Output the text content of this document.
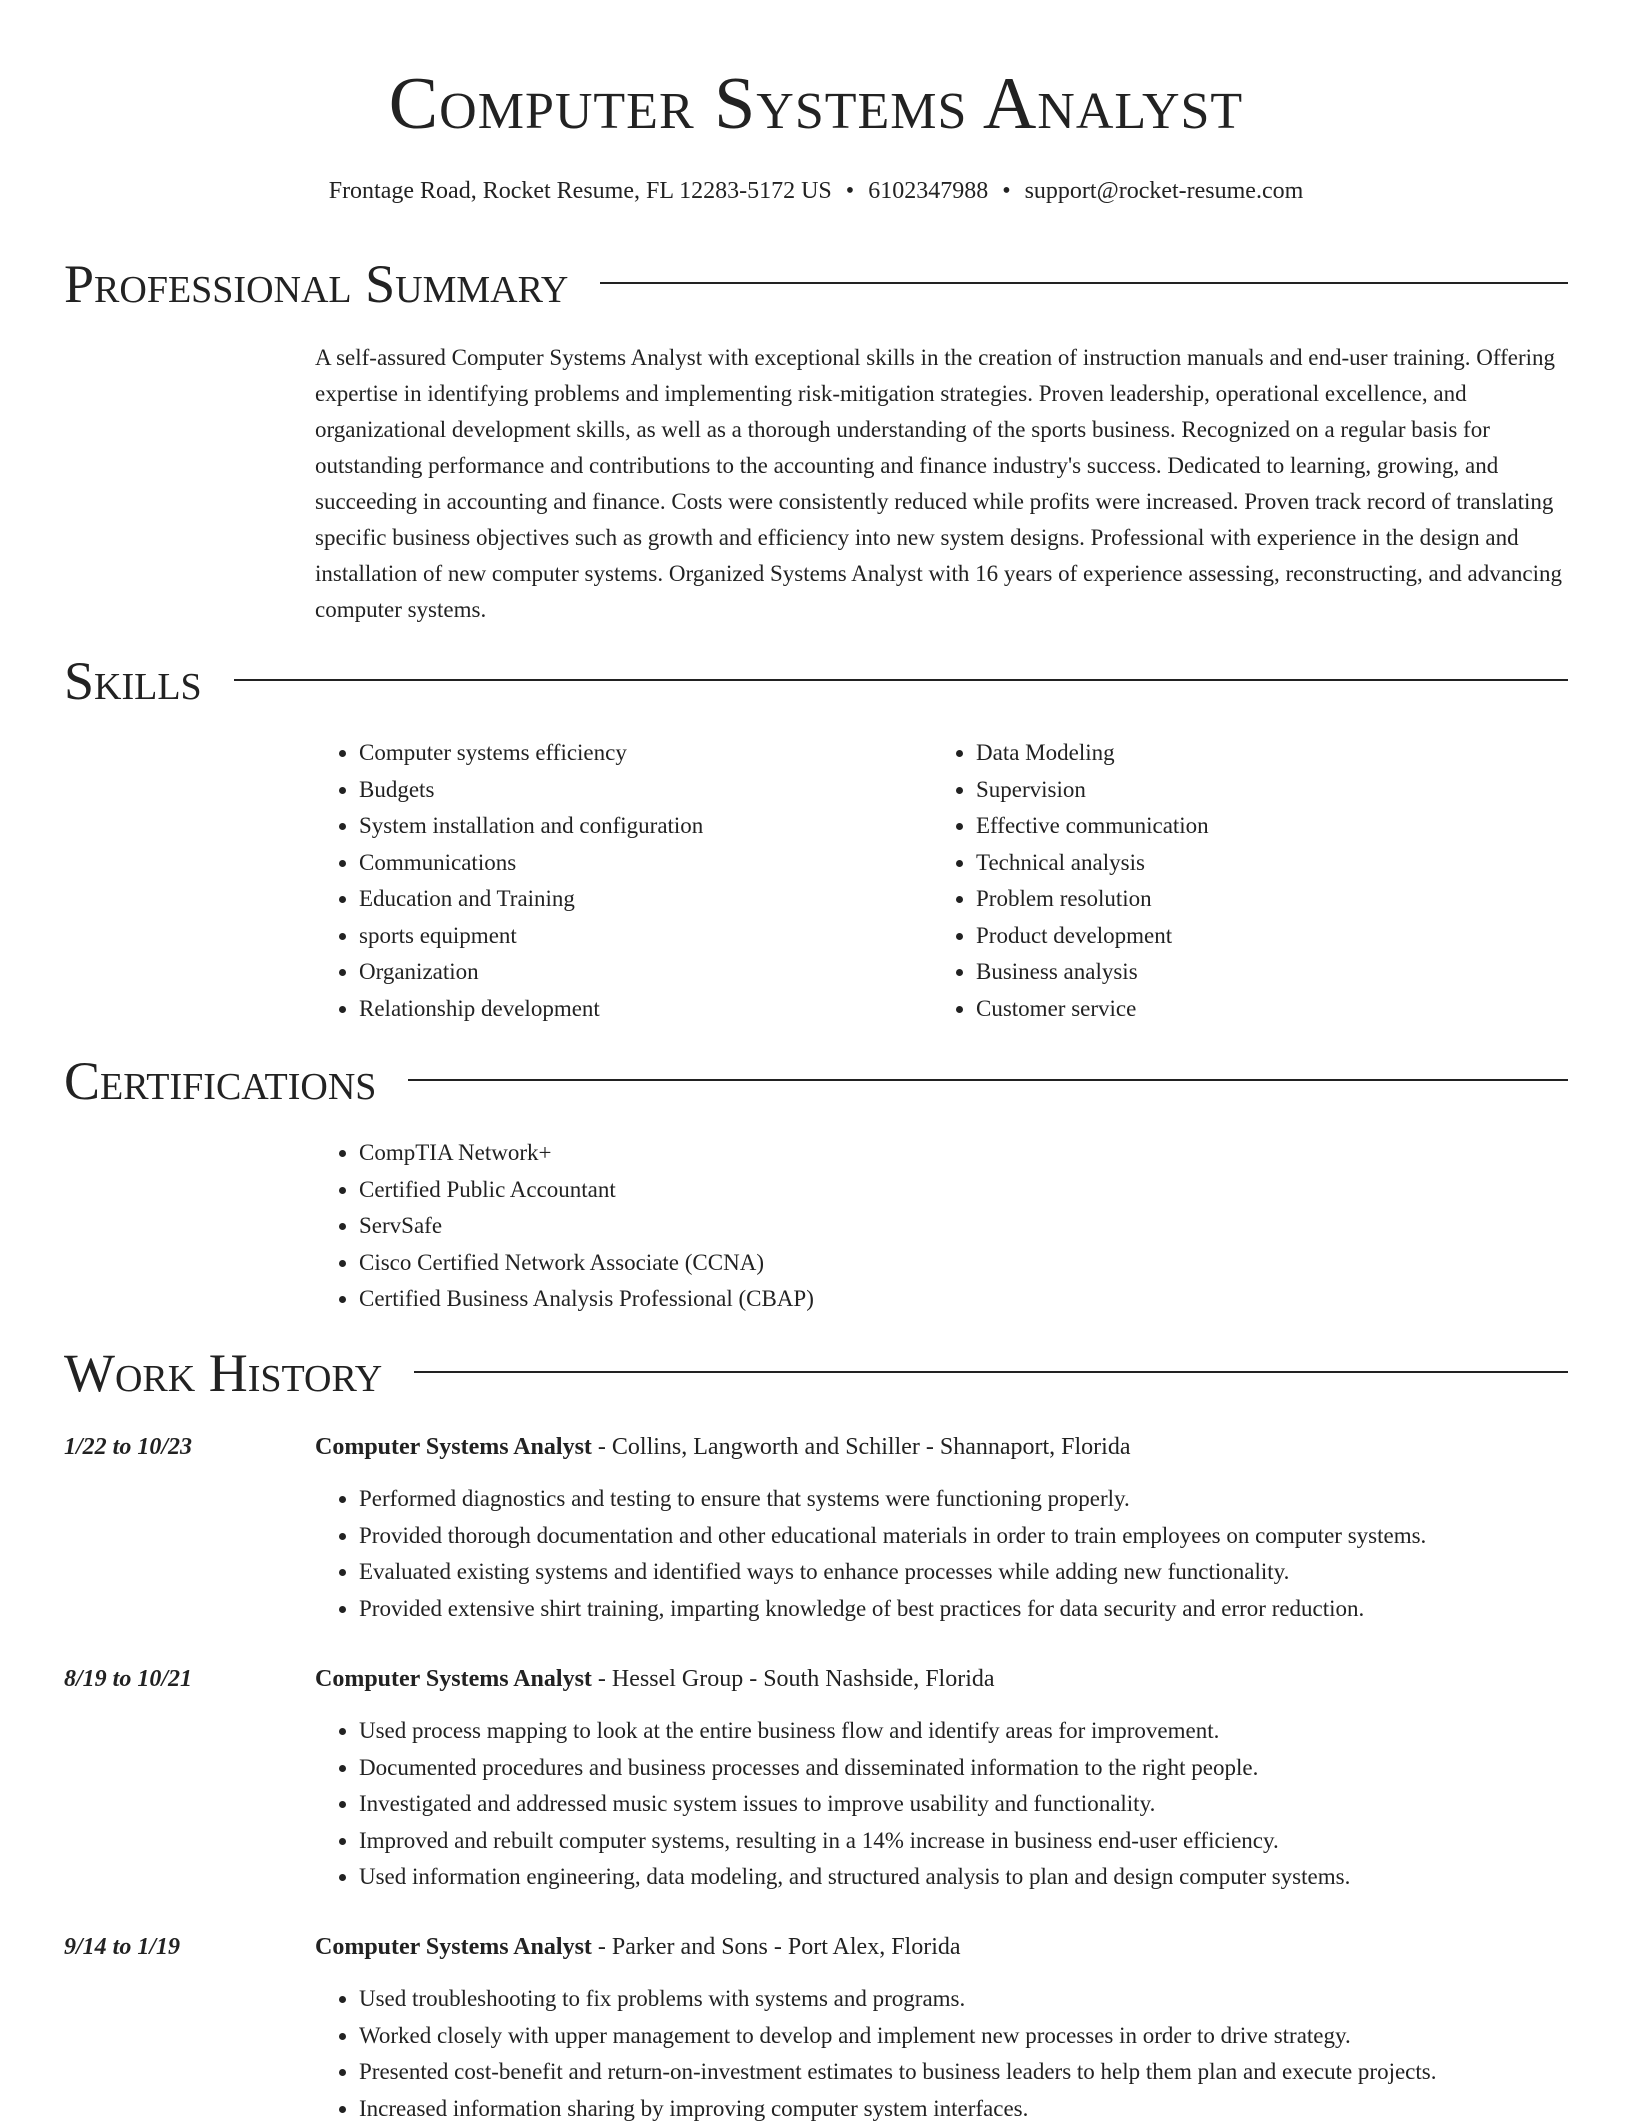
Computer Systems Analyst
Frontage Road, Rocket Resume, FL 12283-5172 US • 6102347988 • support@rocket-resume.com
Professional Summary

A self-assured Computer Systems Analyst with exceptional skills in the creation of instruction manuals and end-user training. Offering expertise in identifying problems and implementing risk-mitigation strategies. Proven leadership, operational excellence, and organizational development skills, as well as a thorough understanding of the sports business. Recognized on a regular basis for outstanding performance and contributions to the accounting and finance industry's success. Dedicated to learning, growing, and succeeding in accounting and finance. Costs were consistently reduced while profits were increased. Proven track record of translating specific business objectives such as growth and efficiency into new system designs. Professional with experience in the design and installation of new computer systems. Organized Systems Analyst with 16 years of experience assessing, reconstructing, and advancing computer systems.

Skills
• Computer systems efficiency
• Budgets
• System installation and configuration
• Communications
• Education and Training
• sports equipment
• Organization
• Relationship development
• Data Modeling
• Supervision
• Effective communication
• Technical analysis
• Problem resolution
• Product development
• Business analysis
• Customer service
Certifications
• CompTIA Network+
• Certified Public Accountant
• ServSafe
• Cisco Certified Network Associate (CCNA)
• Certified Business Analysis Professional (CBAP)
Work History
1/22 to 10/23	Computer Systems Analyst - Collins, Langworth and Schiller - Shannaport, Florida
• Performed diagnostics and testing to ensure that systems were functioning properly.
• Provided thorough documentation and other educational materials in order to train employees on computer systems.
• Evaluated existing systems and identified ways to enhance processes while adding new functionality.
• Provided extensive shirt training, imparting knowledge of best practices for data security and error reduction.
8/19 to 10/21	Computer Systems Analyst - Hessel Group - South Nashside, Florida
• Used process mapping to look at the entire business flow and identify areas for improvement.
• Documented procedures and business processes and disseminated information to the right people.
• Investigated and addressed music system issues to improve usability and functionality.
• Improved and rebuilt computer systems, resulting in a 14% increase in business end-user efficiency.
• Used information engineering, data modeling, and structured analysis to plan and design computer systems.
9/14 to 1/19	Computer Systems Analyst - Parker and Sons - Port Alex, Florida
• Used troubleshooting to fix problems with systems and programs.
• Worked closely with upper management to develop and implement new processes in order to drive strategy.
• Presented cost-benefit and return-on-investment estimates to business leaders to help them plan and execute projects.
• Increased information sharing by improving computer system interfaces.
